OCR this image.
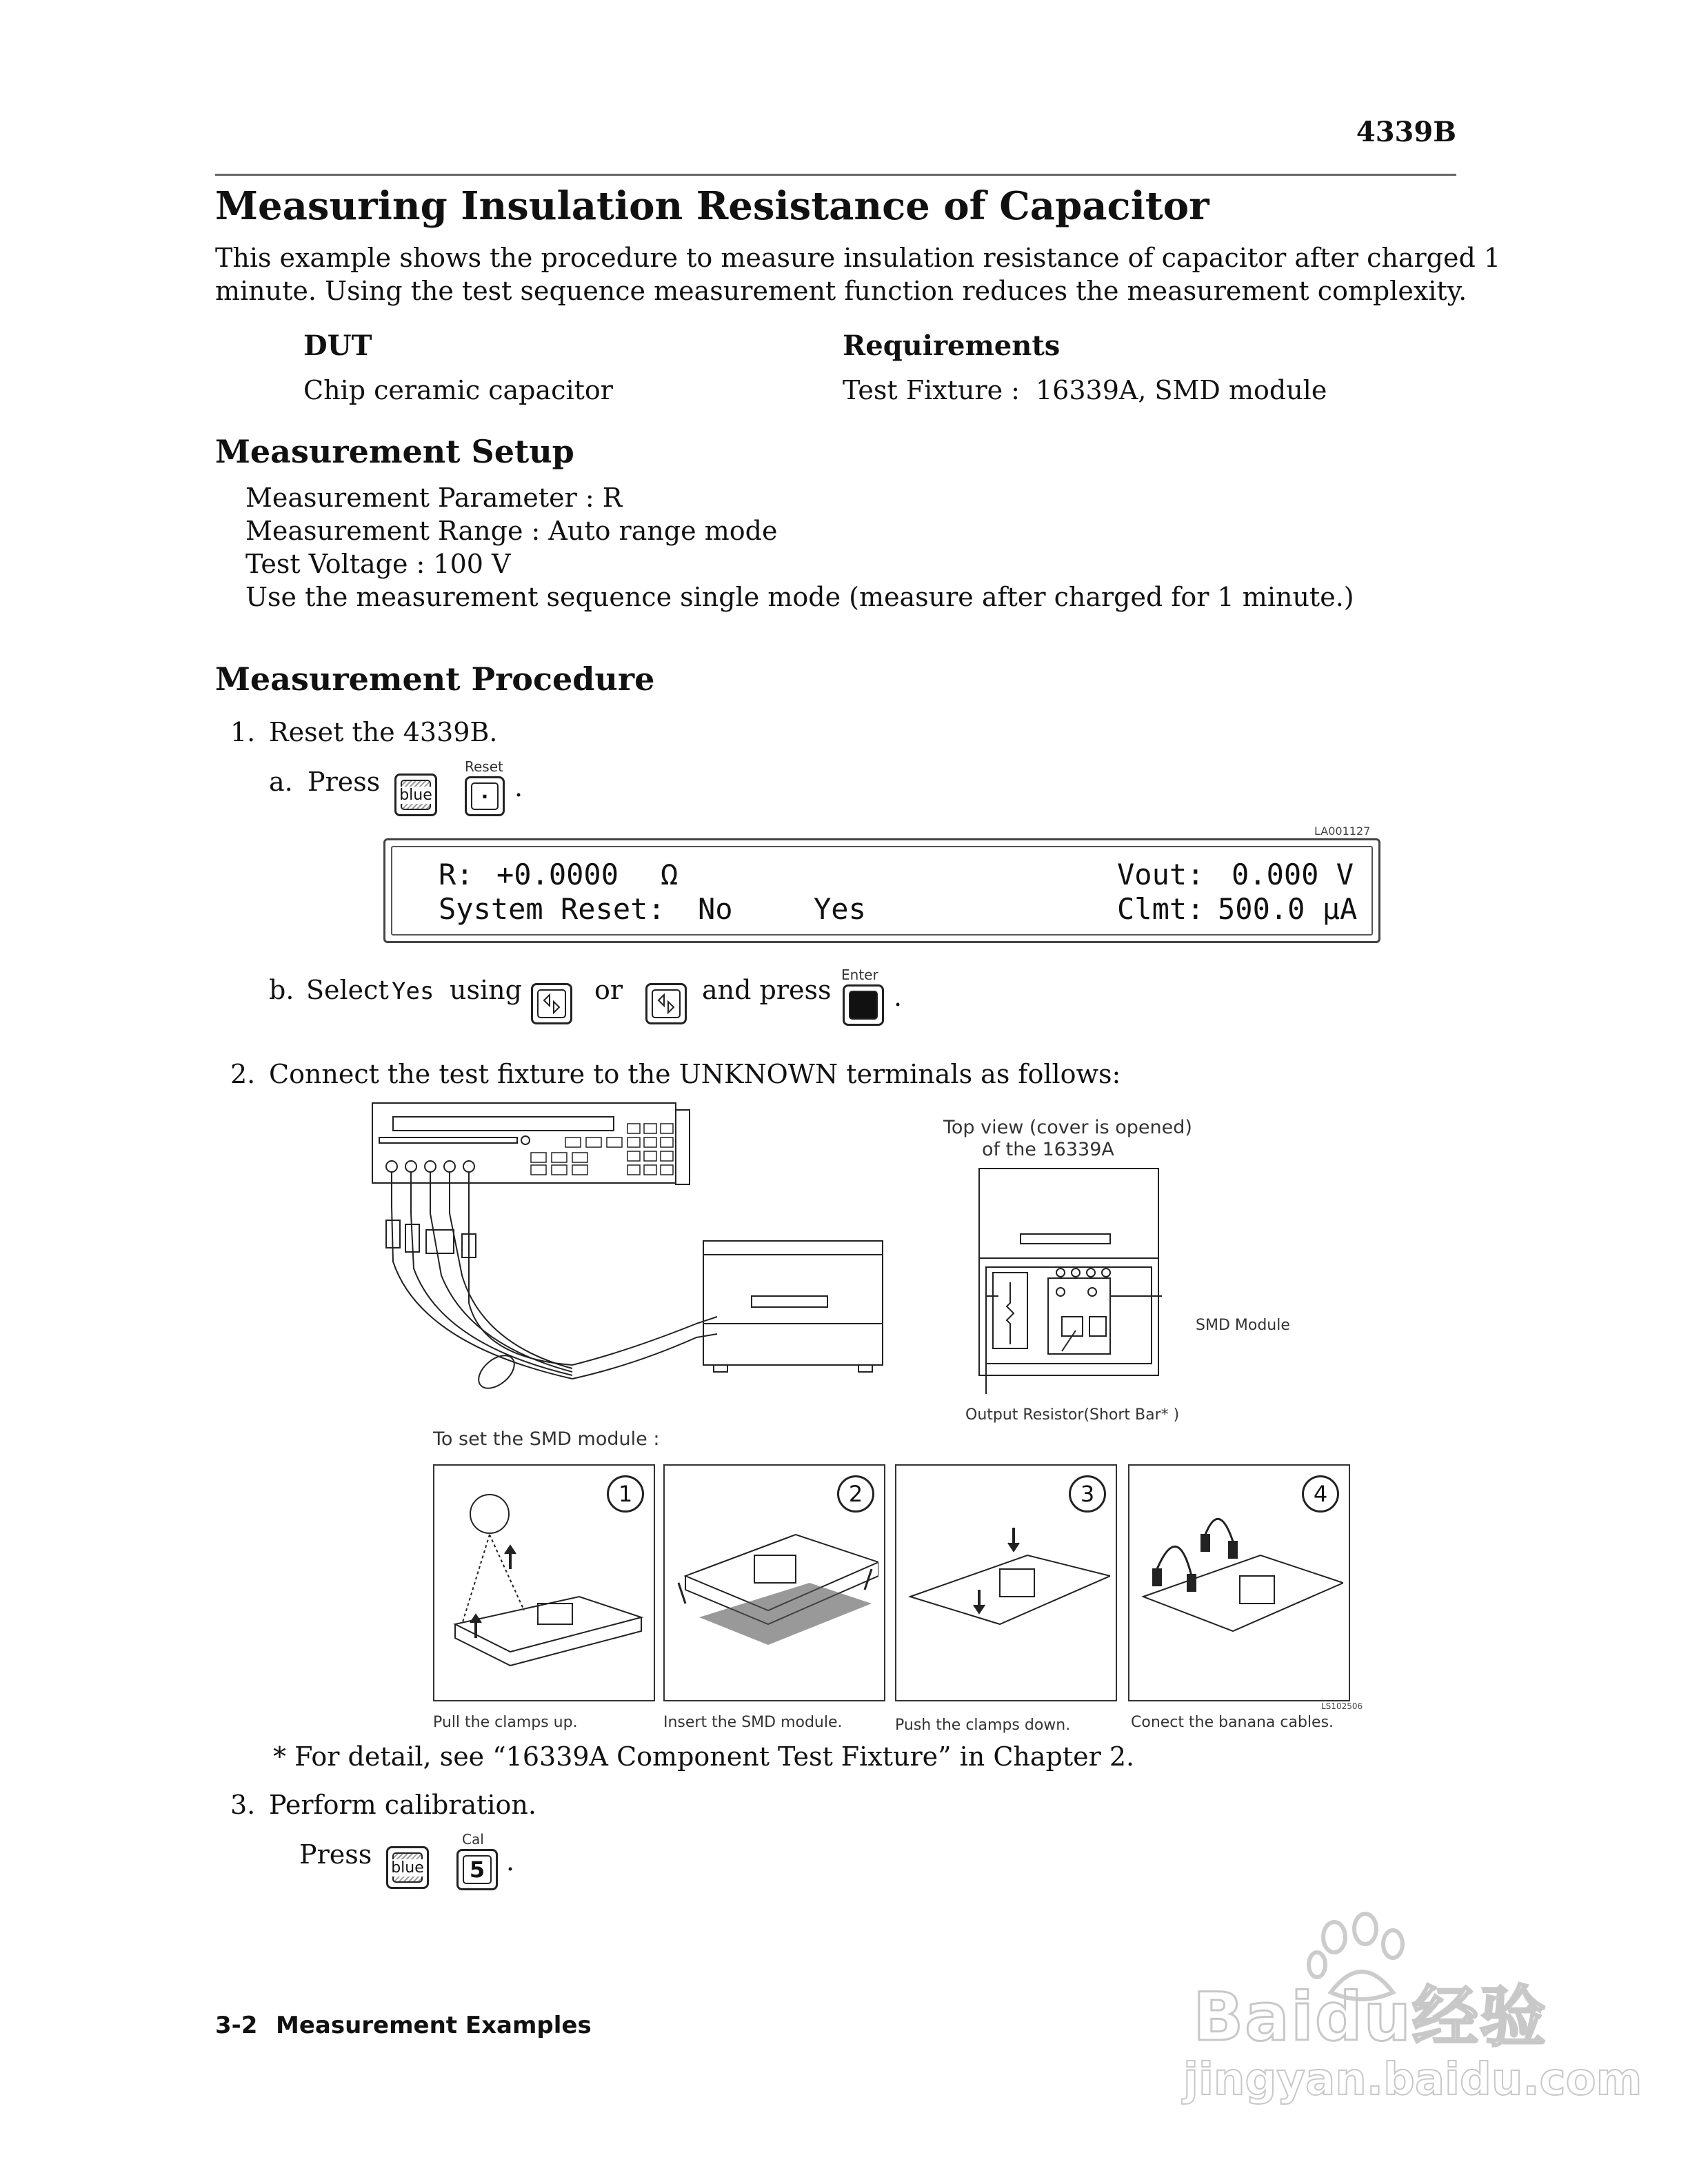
4339B
Measuring Insulation Resistance of Capacitor
This example shows the procedure to measure insulation resistance of capacitor after charged 1
minute. Using the test sequence measurement function reduces the measurement complexity.
DUT	Requirements
Chip ceramic capacitor	Test Fixture : 16339A, SMD module
Measurement Setup
Measurement Parameter : R
Measurement Range : Auto range mode
Test Voltage : 100 V
Use the measurement sequence single mode (measure after charged for 1 minute.)
Measurement Procedure
1. Reset the 4339B.
a. Press blue
Reset
· .
LA001127
R: +0.0000 Ω	Vout: 0.000 V
System Reset: No	Yes	Clmt: 500.0 μA
b. Select Yes using	or	and press Enter
.
2. Connect the test fixture to the UNKNOWN terminals as follows:
Top view (cover is opened)
of the 16339A
SMD Module
Output Resistor(Short Bar* )
To set the SMD module :
1	2	3	4
LS102506
Pull the clamps up.	Insert the SMD module.	Push the clamps down.	Conect the banana cables.
* For detail, see “16339A Component Test Fixture” in Chapter 2.
3. Perform calibration.
Press blue
Cal
5 .
3-2 Measurement Examples	Baidu经验
jingyan.baidu.com
